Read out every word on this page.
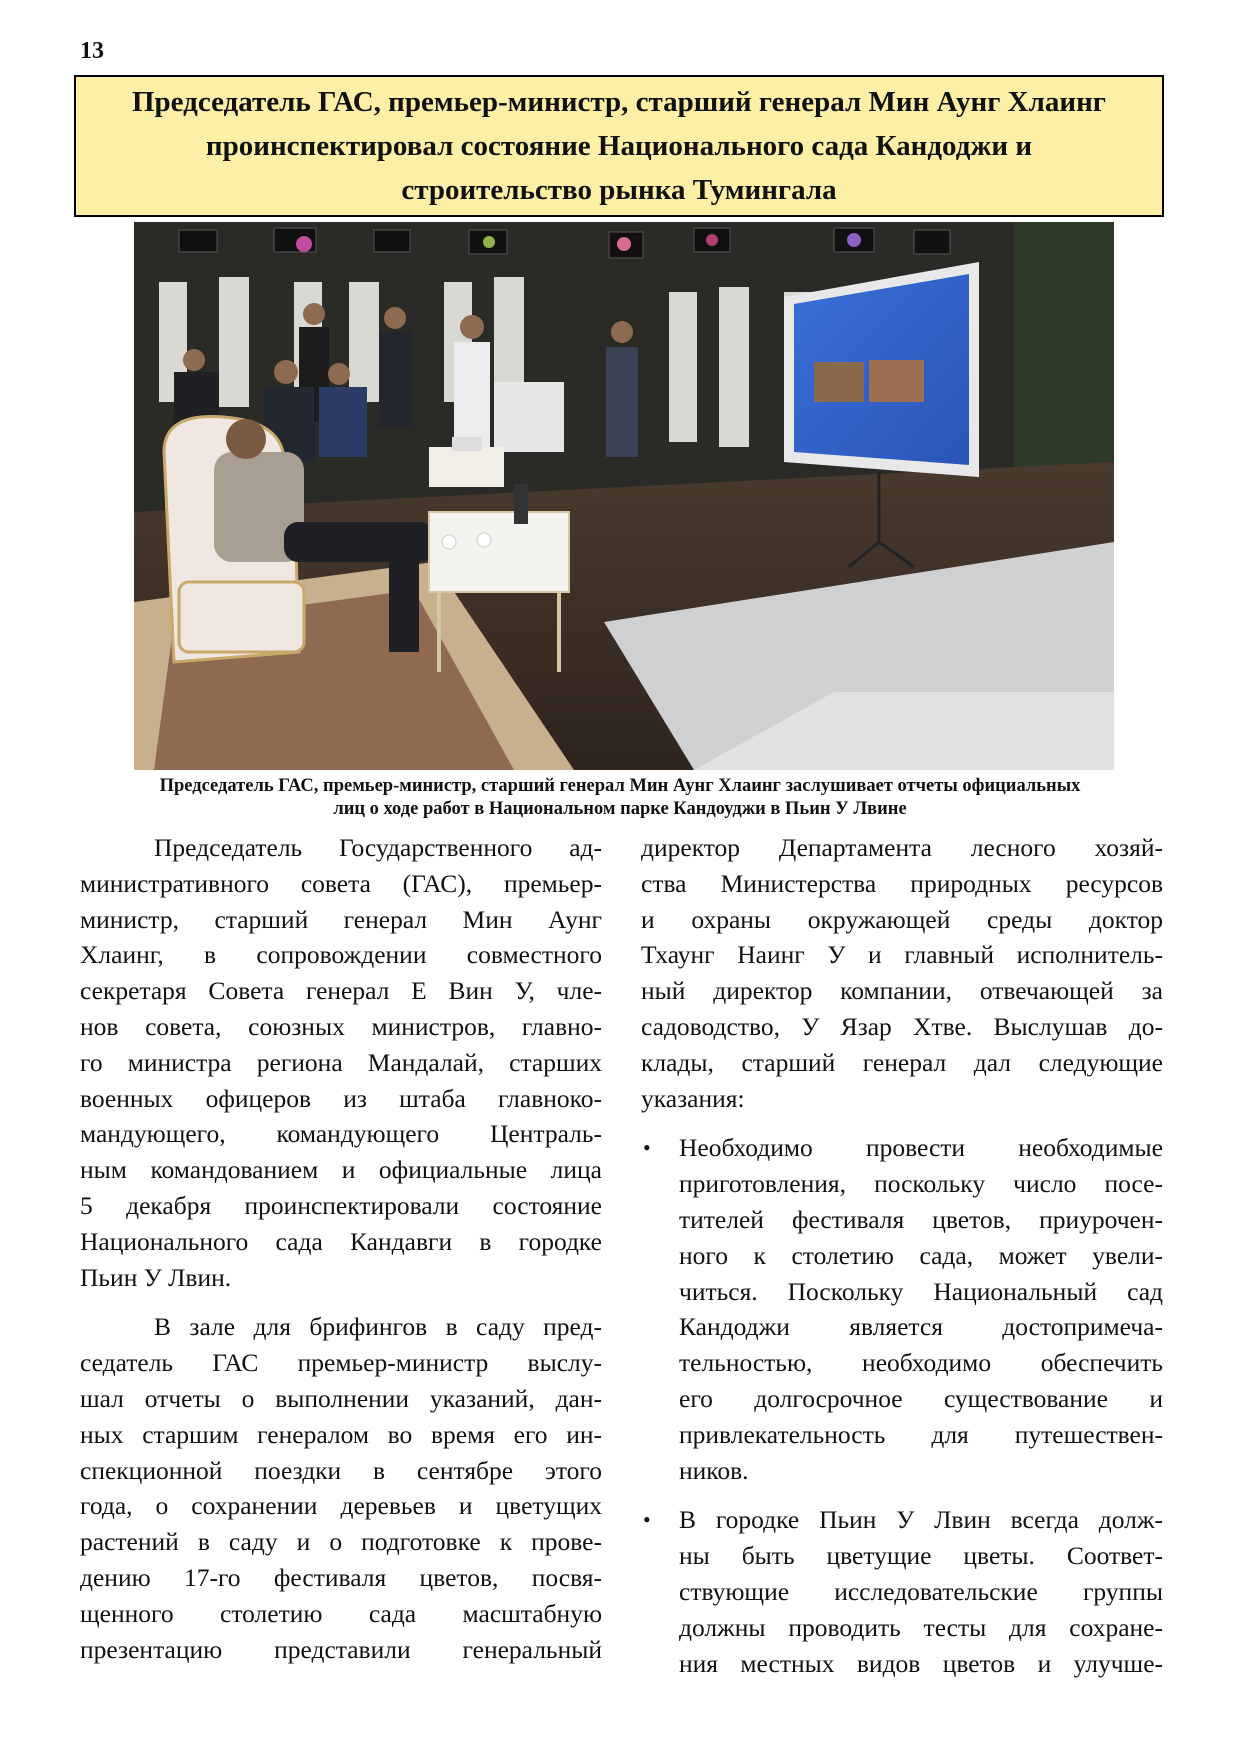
13
Председатель ГАС, премьер-министр, старший генерал Мин Аунг Хлаинг
проинспектировал состояние Национального сада Кандоджи и
строительство рынка Тумингала
Председатель ГАС, премьер-министр, старший генерал Мин Аунг Хлаинг заслушивает отчеты официальных
лиц о ходе работ в Национальном парке Кандоуджи в Пьин У Лвине
Председатель Государственного ад-
министративного совета (ГАС), премьер-
министр, старший генерал Мин Аунг
Хлаинг, в сопровождении совместного
секретаря Совета генерал Е Вин У, чле-
нов совета, союзных министров, главно-
го министра региона Мандалай, старших
военных офицеров из штаба главноко-
мандующего, командующего Централь-
ным командованием и официальные лица
5 декабря проинспектировали состояние
Национального сада Кандавги в городке
Пьин У Лвин.
В зале для брифингов в саду пред-
седатель ГАС премьер-министр выслу-
шал отчеты о выполнении указаний, дан-
ных старшим генералом во время его ин-
спекционной поездки в сентябре этого
года, о сохранении деревьев и цветущих
растений в саду и о подготовке к прове-
дению 17-го фестиваля цветов, посвя-
щенного столетию сада масштабную
презентацию представили генеральный
директор Департамента лесного хозяй-
ства Министерства природных ресурсов
и охраны окружающей среды доктор
Тхаунг Наинг У и главный исполнитель-
ный директор компании, отвечающей за
садоводство, У Язар Хтве. Выслушав до-
клады, старший генерал дал следующие
указания:
• Необходимо провести необходимые
приготовления, поскольку число посе-
тителей фестиваля цветов, приурочен-
ного к столетию сада, может увели-
читься. Поскольку Национальный сад
Кандоджи является достопримеча-
тельностью, необходимо обеспечить
его долгосрочное существование и
привлекательность для путешествен-
ников.
• В городке Пьин У Лвин всегда долж-
ны быть цветущие цветы. Соответ-
ствующие исследовательские группы
должны проводить тесты для сохране-
ния местных видов цветов и улучше-
